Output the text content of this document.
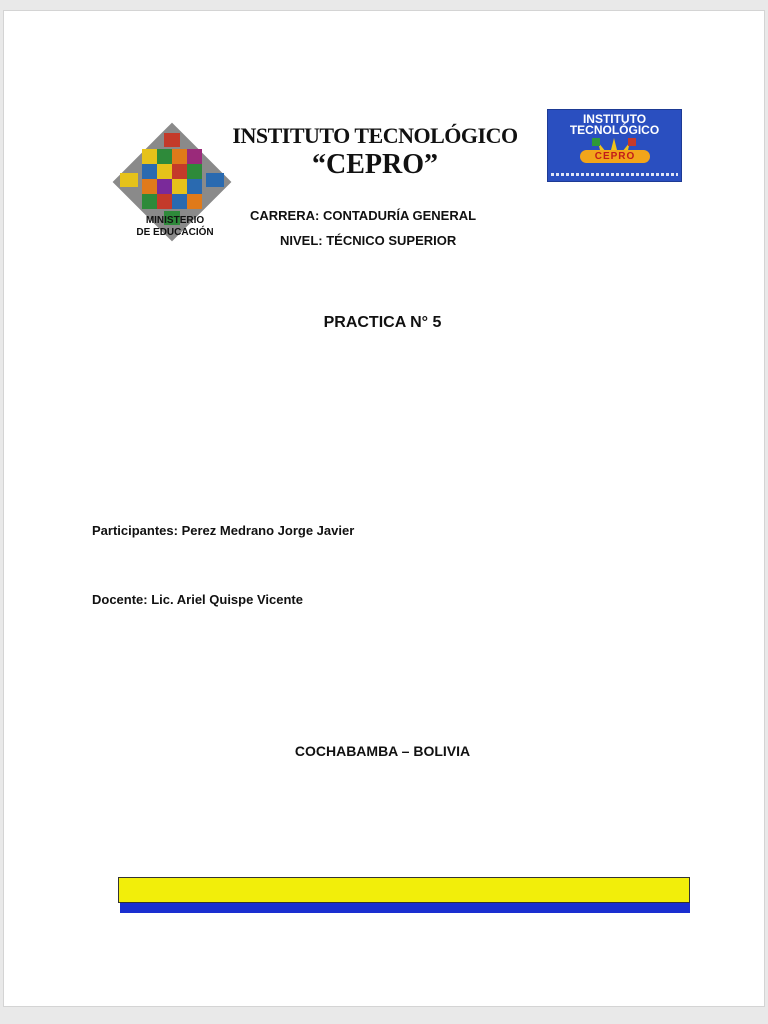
MINISTERIO
DE EDUCACIÓN
INSTITUTO TECNOLÓGICO
“CEPRO”
CARRERA: CONTADURÍA GENERAL
NIVEL: TÉCNICO SUPERIOR
INSTITUTO
TECNOLÓGICO
CEPRO
PRACTICA N° 5
Participantes: Perez Medrano Jorge Javier
Docente: Lic. Ariel Quispe Vicente
COCHABAMBA – BOLIVIA
